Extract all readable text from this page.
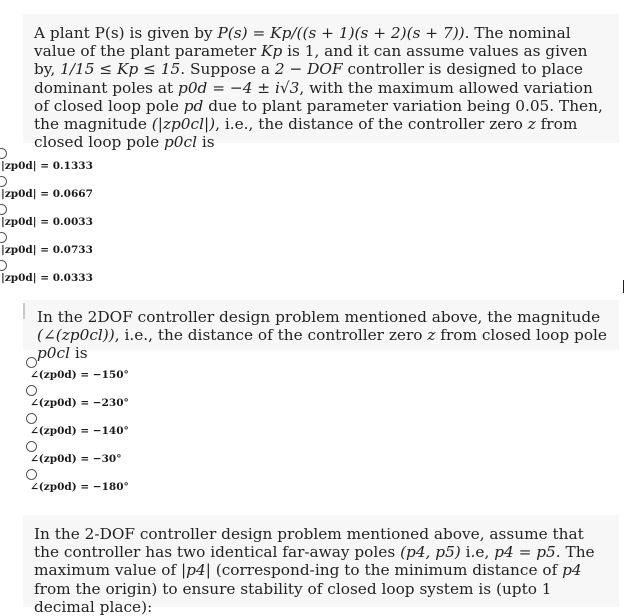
A plant P(s) is given by P(s) = Kp/((s + 1)(s + 2)(s + 7)). The nominal value of the plant parameter Kp is 1, and it can assume values as given by, 1/15 ≤ Kp ≤ 15. Suppose a 2 − DOF controller is designed to place dominant poles at p0d = −4 ± i√3, with the maximum allowed variation of closed loop pole pd due to plant parameter variation being 0.05. Then, the magnitude (|zp0cl|), i.e., the distance of the controller zero z from closed loop pole p0cl is
|zp0d| = 0.1333
|zp0d| = 0.0667
|zp0d| = 0.0033
|zp0d| = 0.0733
|zp0d| = 0.0333
In the 2DOF controller design problem mentioned above, the magnitude (∠(zp0cl)), i.e., the distance of the controller zero z from closed loop pole p0cl is
∠(zp0d) = −150°
∠(zp0d) = −230°
∠(zp0d) = −140°
∠(zp0d) = −30°
∠(zp0d) = −180°
In the 2-DOF controller design problem mentioned above, assume that the controller has two identical far-away poles (p4, p5) i.e, p4 = p5. The maximum value of |p4| (correspond-ing to the minimum distance of p4 from the origin) to ensure stability of closed loop system is (upto 1 decimal place):
